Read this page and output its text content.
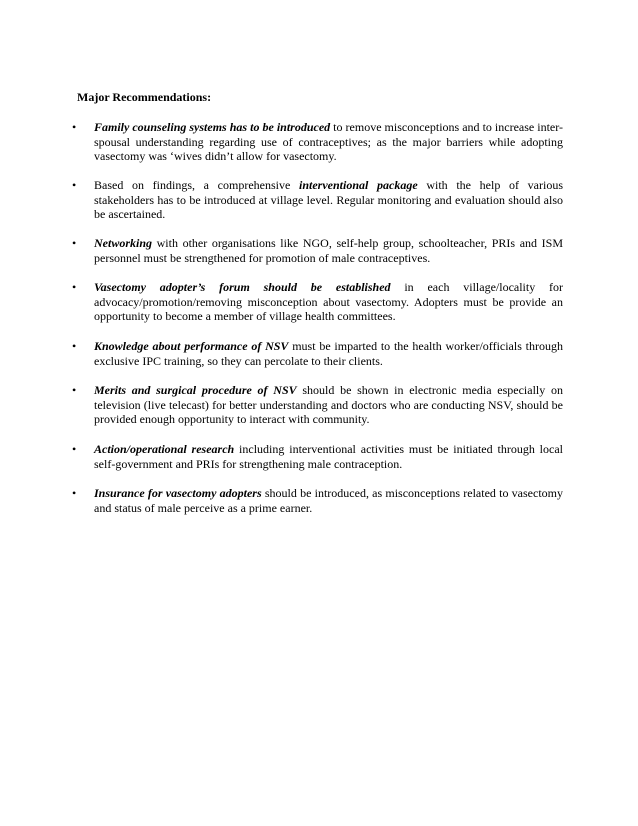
Major Recommendations:

•	Family counseling systems has to be introduced to remove misconceptions and to increase inter-spousal understanding regarding use of contraceptives; as the major barriers while adopting vasectomy was ‘wives didn’t allow for vasectomy.
•	Based on findings, a comprehensive interventional package with the help of various stakeholders has to be introduced at village level. Regular monitoring and evaluation should also be ascertained.
•	Networking with other organisations like NGO, self-help group, schoolteacher, PRIs and ISM personnel must be strengthened for promotion of male contraceptives.
•	Vasectomy adopter’s forum should be established in each village/locality for advocacy/promotion/removing misconception about vasectomy. Adopters must be provide an opportunity to become a member of village health committees.
•	Knowledge about performance of NSV must be imparted to the health worker/officials through exclusive IPC training, so they can percolate to their clients.
•	Merits and surgical procedure of NSV should be shown in electronic media especially on television (live telecast) for better understanding and doctors who are conducting NSV, should be provided enough opportunity to interact with community.
•	Action/operational research including interventional activities must be initiated through local self-government and PRIs for strengthening male contraception.
•	Insurance for vasectomy adopters should be introduced, as misconceptions related to vasectomy and status of male perceive as a prime earner.
